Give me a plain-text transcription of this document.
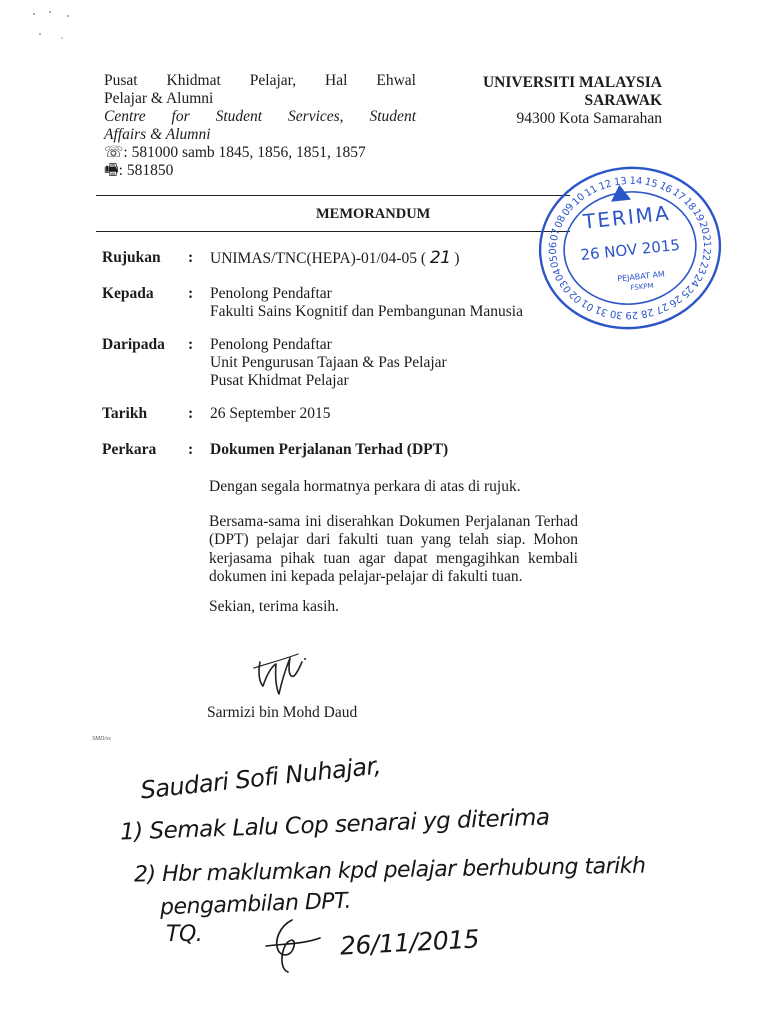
Pusat Khidmat Pelajar, Hal Ehwal
Pelajar & Alumni
Centre for Student Services, Student
Affairs & Alumni
☏: 581000 samb 1845, 1856, 1851, 1857
🖷: 581850
UNIVERSITI MALAYSIA
SARAWAK
94300 Kota Samarahan
MEMORANDUM
Rujukan : UNIMAS/TNC(HEPA)-01/04-05 ( 21 )
Kepada : Penolong Pendaftar
Fakulti Sains Kognitif dan Pembangunan Manusia
Daripada : Penolong Pendaftar
Unit Pengurusan Tajaan & Pas Pelajar
Pusat Khidmat Pelajar
Tarikh	: 26 September 2015
Perkara : Dokumen Perjalanan Terhad (DPT)
Dengan segala hormatnya perkara di atas di rujuk.
Bersama-sama ini diserahkan Dokumen Perjalanan Terhad (DPT) pelajar dari fakulti tuan yang telah siap. Mohon kerjasama pihak tuan agar dapat mengagihkan kembali dokumen ini kepada pelajar-pelajar di fakulti tuan.
Sekian, terima kasih.
Sarmizi bin Mohd Daud
SMD/ss
08
09
10
11
12 13 14 15
16
17
18
19
20
21
22
23
24
25
26
27
28
29
30
31
01
02
03
04
05
06
07
TERIMA
26 NOV 2015
PEJABAT AM
FSKPM
Saudari Sofi Nuhajar,
1) Semak Lalu Cop senarai yg diterima
2) Hbr maklumkan kpd pelajar berhubung tarikh
pengambilan DPT.
TQ.	26/11/2015
